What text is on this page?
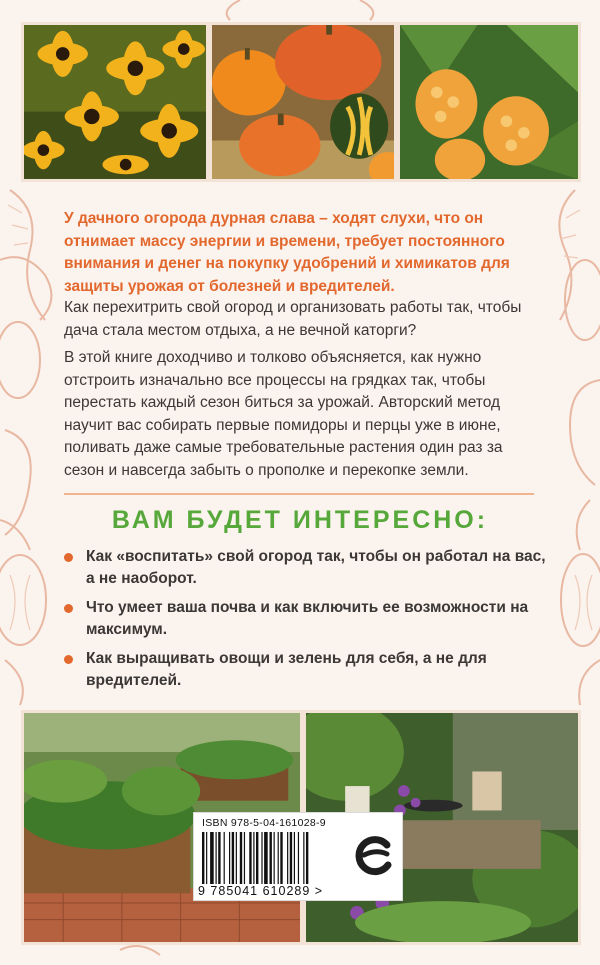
У дачного огорода дурная слава – ходят слухи, что он отнимает массу энергии и времени, требует постоянного внимания и денег на покупку удобрений и химикатов для защиты урожая от болезней и вредителей.
Как перехитрить свой огород и организовать работы так, чтобы дача стала местом отдыха, а не вечной каторги?
В этой книге доходчиво и толково объясняется, как нужно отстроить изначально все процессы на грядках так, чтобы перестать каждый сезон биться за урожай. Авторский метод научит вас собирать первые помидоры и перцы уже в июне, поливать даже самые требовательные растения один раз за сезон и навсегда забыть о прополке и перекопке земли.
ВАМ БУДЕТ ИНТЕРЕСНО:
Как «воспитать» свой огород так, чтобы он работал на вас, а не наоборот.
Что умеет ваша почва и как включить ее возможности на максимум.
Как выращивать овощи и зелень для себя, а не для вредителей.
ISBN 978-5-04-161028-9
9 785041 610289 >
